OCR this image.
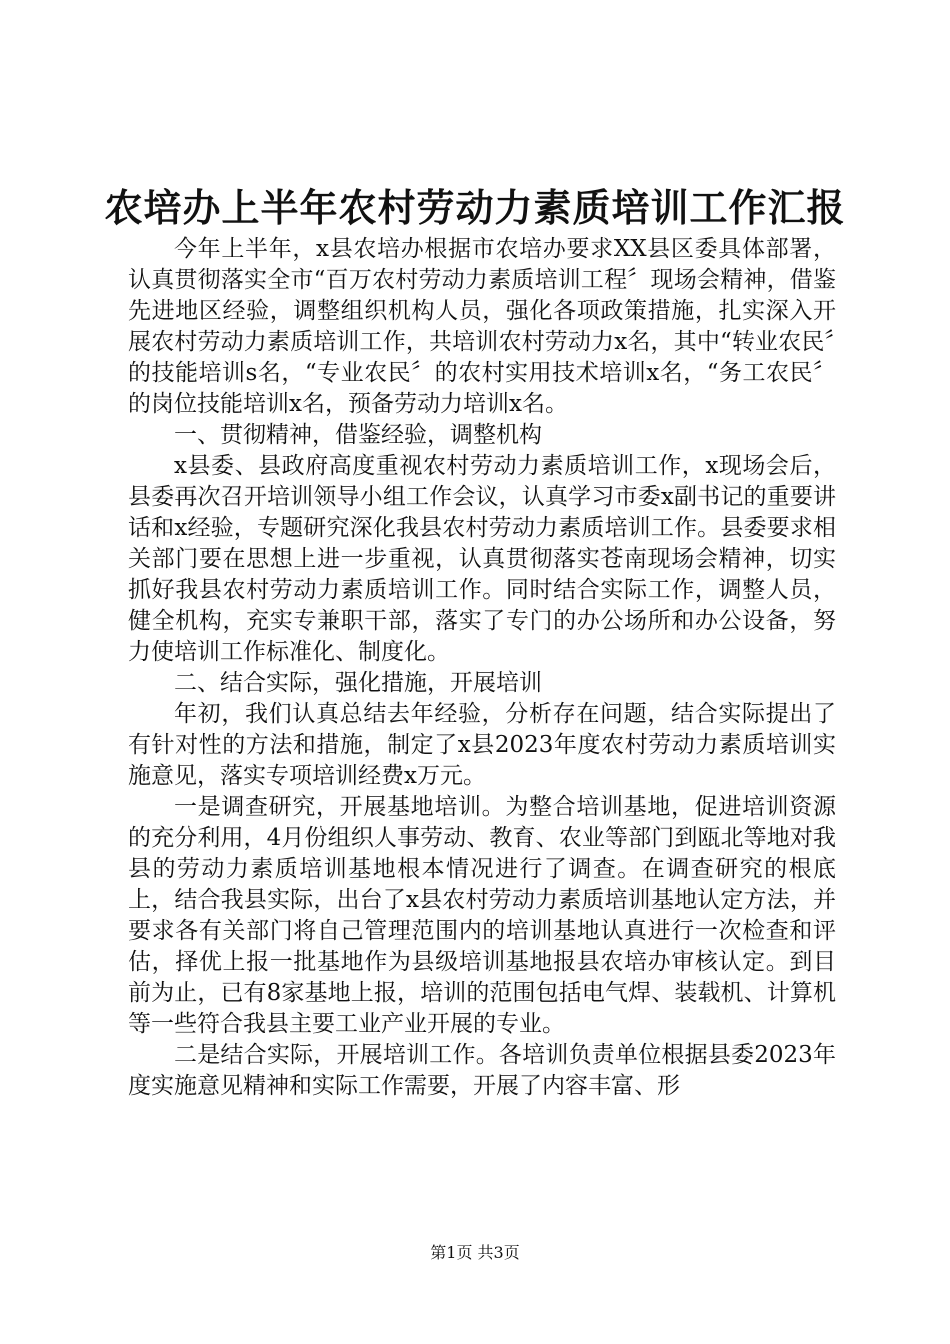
农培办上半年农村劳动力素质培训工作汇报

今年上半年，x县农培办根据市农培办要求XX县区委具体部署，认真贯彻落实全市“百万农村劳动力素质培训工程〞现场会精神，借鉴先进地区经验，调整组织机构人员，强化各项政策措施，扎实深入开展农村劳动力素质培训工作，共培训农村劳动力x名，其中“转业农民〞的技能培训s名，“专业农民〞的农村实用技术培训x名，“务工农民〞的岗位技能培训x名，预备劳动力培训x名。

一、贯彻精神，借鉴经验，调整机构

x县委、县政府高度重视农村劳动力素质培训工作，x现场会后，县委再次召开培训领导小组工作会议，认真学习市委x副书记的重要讲话和x经验，专题研究深化我县农村劳动力素质培训工作。县委要求相关部门要在思想上进一步重视，认真贯彻落实苍南现场会精神，切实抓好我县农村劳动力素质培训工作。同时结合实际工作，调整人员，健全机构，充实专兼职干部，落实了专门的办公场所和办公设备，努力使培训工作标准化、制度化。

二、结合实际，强化措施，开展培训

年初，我们认真总结去年经验，分析存在问题，结合实际提出了有针对性的方法和措施，制定了x县2023年度农村劳动力素质培训实施意见，落实专项培训经费x万元。

一是调查研究，开展基地培训。为整合培训基地，促进培训资源的充分利用，4月份组织人事劳动、教育、农业等部门到瓯北等地对我县的劳动力素质培训基地根本情况进行了调查。在调查研究的根底上，结合我县实际，出台了x县农村劳动力素质培训基地认定方法，并要求各有关部门将自己管理范围内的培训基地认真进行一次检查和评估，择优上报一批基地作为县级培训基地报县农培办审核认定。到目前为止，已有8家基地上报，培训的范围包括电气焊、装载机、计算机等一些符合我县主要工业产业开展的专业。

二是结合实际，开展培训工作。各培训负责单位根据县委2023年度实施意见精神和实际工作需要，开展了内容丰富、形

第1页 共3页
